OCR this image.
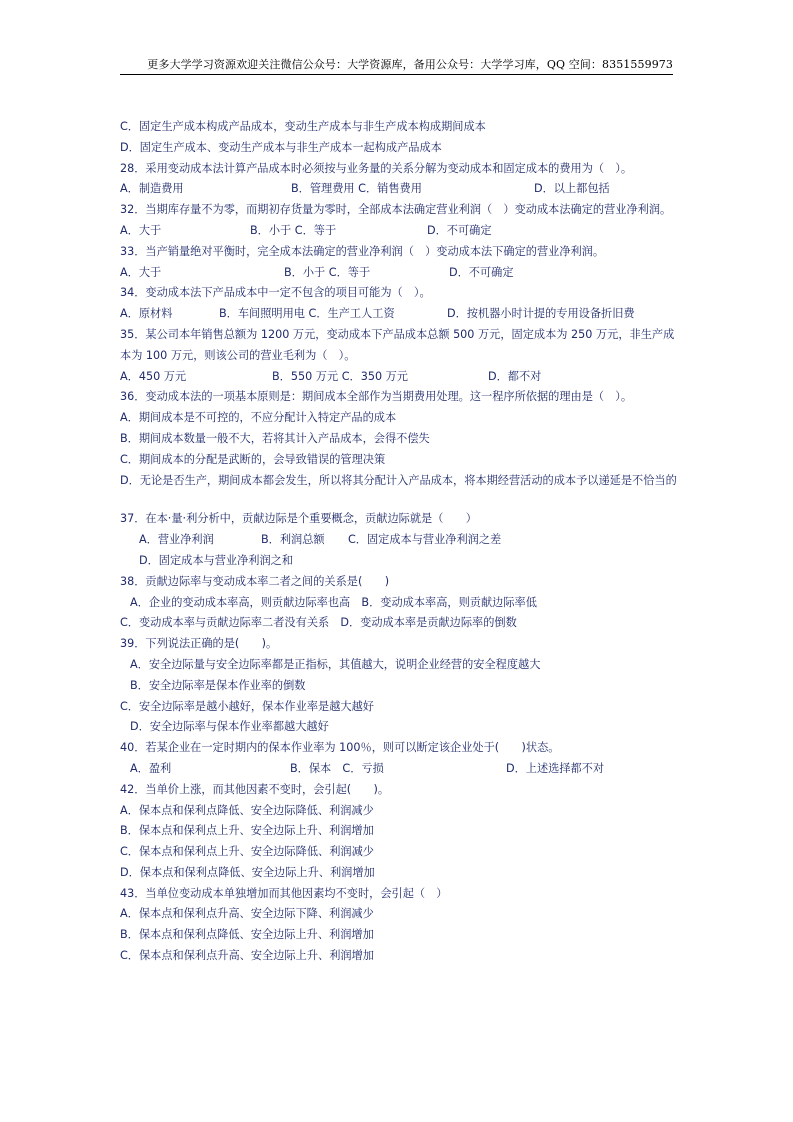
更多大学学习资源欢迎关注微信公众号：大学资源库，备用公众号：大学学习库，QQ 空间：8351559973
C．固定生产成本构成产品成本，变动生产成本与非生产成本构成期间成本
D．固定生产成本、变动生产成本与非生产成本一起构成产品成本
28．采用变动成本法计算产品成本时必须按与业务量的关系分解为变动成本和固定成本的费用为（　）。
A．制造费用	B．管理费用 C．销售费用	D．以上都包括
32．当期库存量不为零，而期初存货量为零时，全部成本法确定营业利润（　）变动成本法确定的营业净利润。
A．大于	B．小于 C．等于	D．不可确定
33．当产销量绝对平衡时，完全成本法确定的营业净利润（　）变动成本法下确定的营业净利润。
A．大于	B．小于 C．等于	D．不可确定
34．变动成本法下产品成本中一定不包含的项目可能为（　）。
A．原材料	B．车间照明用电 C．生产工人工资	D．按机器小时计提的专用设备折旧费
35．某公司本年销售总额为 1200 万元，变动成本下产品成本总额 500 万元，固定成本为 250 万元，非生产成本为 100 万元，则该公司的营业毛利为（　）。
A．450 万元	B．550 万元 C．350 万元	D．都不对
36．变动成本法的一项基本原则是：期间成本全部作为当期费用处理。这一程序所依据的理由是（　）。
A．期间成本是不可控的，不应分配计入特定产品的成本
B．期间成本数量一般不大，若将其计入产品成本，会得不偿失
C．期间成本的分配是武断的，会导致错误的管理决策
D．无论是否生产，期间成本都会发生，所以将其分配计入产品成本，将本期经营活动的成本予以递延是不恰当的
37．在本·量·利分析中，贡献边际是个重要概念，贡献边际就是（　　）
A．营业净利润	B．利润总额 C．固定成本与营业净利润之差
D．固定成本与营业净利润之和
38．贡献边际率与变动成本率二者之间的关系是(　　)
A．企业的变动成本率高，则贡献边际率也高　B．变动成本率高，则贡献边际率低
C．变动成本率与贡献边际率二者没有关系　D．变动成本率是贡献边际率的倒数
39．下列说法正确的是(　　)。
A．安全边际量与安全边际率都是正指标，其值越大，说明企业经营的安全程度越大
B．安全边际率是保本作业率的倒数
C．安全边际率是越小越好，保本作业率是越大越好
D．安全边际率与保本作业率都越大越好
40．若某企业在一定时期内的保本作业率为 100％，则可以断定该企业处于(　　)状态。
A．盈利	B．保本　C．亏损	D．上述选择都不对
42．当单价上涨，而其他因素不变时，会引起(　　)。
A．保本点和保利点降低、安全边际降低、利润减少
B．保本点和保利点上升、安全边际上升、利润增加
C．保本点和保利点上升、安全边际降低、利润减少
D．保本点和保利点降低、安全边际上升、利润增加
43．当单位变动成本单独增加而其他因素均不变时，会引起（　）
A．保本点和保利点升高、安全边际下降、利润减少
B．保本点和保利点降低、安全边际上升、利润增加
C．保本点和保利点升高、安全边际上升、利润增加
